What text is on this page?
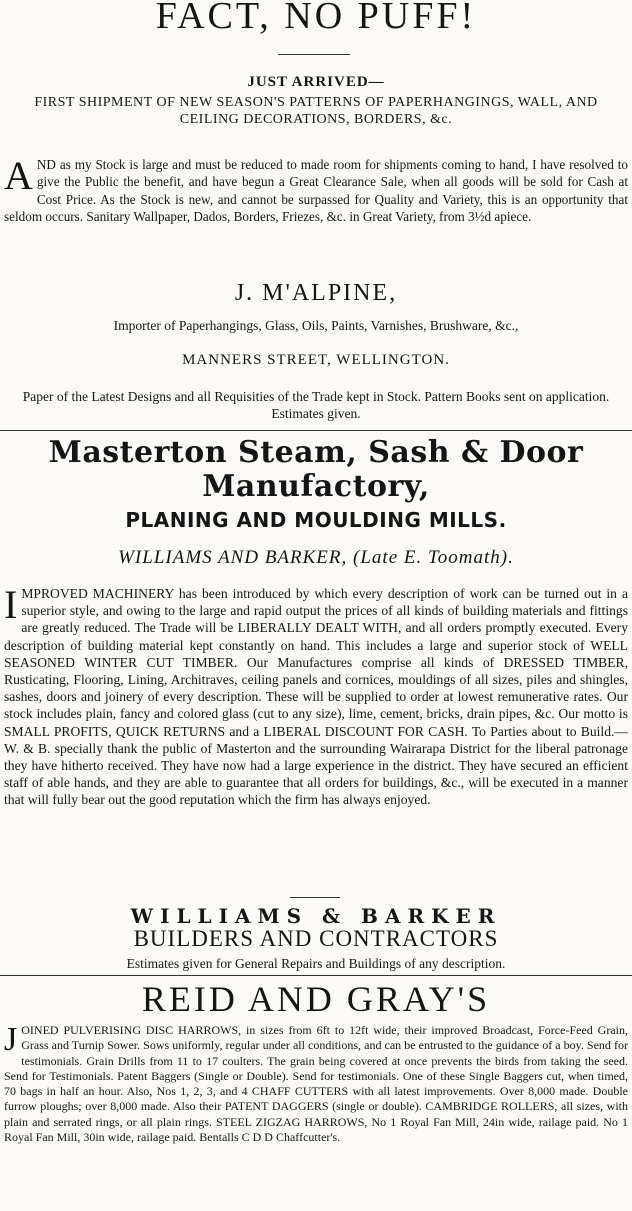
FACT, NO PUFF!
JUST ARRIVED—
FIRST SHIPMENT OF NEW SEASON'S PATTERNS OF PAPERHANGINGS, WALL, AND CEILING DECORATIONS, BORDERS, &c.
AND as my Stock is large and must be reduced to made room for shipments coming to hand, I have resolved to give the Public the benefit, and have begun a Great Clearance Sale, when all goods will be sold for Cash at Cost Price. As the Stock is new, and cannot be surpassed for Quality and Variety, this is an opportunity that seldom occurs. Sanitary Wallpaper, Dados, Borders, Friezes, &c. in Great Variety, from 3½d apiece.
J. M'ALPINE,
Importer of Paperhangings, Glass, Oils, Paints, Varnishes, Brushware, &c.,
MANNERS STREET, WELLINGTON.
Paper of the Latest Designs and all Requisities of the Trade kept in Stock. Pattern Books sent on application. Estimates given.
Masterton Steam, Sash & Door
Manufactory,
PLANING AND MOULDING MILLS.
WILLIAMS AND BARKER, (Late E. Toomath).
IMPROVED MACHINERY has been introduced by which every description of work can be turned out in a superior style, and owing to the large and rapid output the prices of all kinds of building materials and fittings are greatly reduced. The Trade will be LIBERALLY DEALT WITH, and all orders promptly executed. Every description of building material kept constantly on hand. This includes a large and superior stock of WELL SEASONED WINTER CUT TIMBER. Our Manufactures comprise all kinds of DRESSED TIMBER, Rusticating, Flooring, Lining, Architraves, ceiling panels and cornices, mouldings of all sizes, piles and shingles, sashes, doors and joinery of every description. These will be supplied to order at lowest remunerative rates. Our stock includes plain, fancy and colored glass (cut to any size), lime, cement, bricks, drain pipes, &c. Our motto is SMALL PROFITS, QUICK RETURNS and a LIBERAL DISCOUNT FOR CASH. To Parties about to Build.—W. & B. specially thank the public of Masterton and the surrounding Wairarapa District for the liberal patronage they have hitherto received. They have now had a large experience in the district. They have secured an efficient staff of able hands, and they are able to guarantee that all orders for buildings, &c., will be executed in a manner that will fully bear out the good reputation which the firm has always enjoyed.
WILLIAMS & BARKER
BUILDERS AND CONTRACTORS
Estimates given for General Repairs and Buildings of any description.
REID AND GRAY'S
JOINED PULVERISING DISC HARROWS, in sizes from 6ft to 12ft wide, their improved Broadcast, Force-Feed Grain, Grass and Turnip Sower. Sows uniformly, regular under all conditions, and can be entrusted to the guidance of a boy. Send for testimonials. Grain Drills from 11 to 17 coulters. The grain being covered at once prevents the birds from taking the seed. Send for Testimonials. Patent Baggers (Single or Double). Send for testimonials. One of these Single Baggers cut, when timed, 70 bags in half an hour. Also, Nos 1, 2, 3, and 4 CHAFF CUTTERS with all latest improvements. Over 8,000 made. Double furrow ploughs; over 8,000 made. Also their PATENT DAGGERS (single or double). CAMBRIDGE ROLLERS, all sizes, with plain and serrated rings, or all plain rings. STEEL ZIGZAG HARROWS, No 1 Royal Fan Mill, 24in wide, railage paid. No 1 Royal Fan Mill, 30in wide, railage paid. Bentalls C D D Chaffcutter's.
